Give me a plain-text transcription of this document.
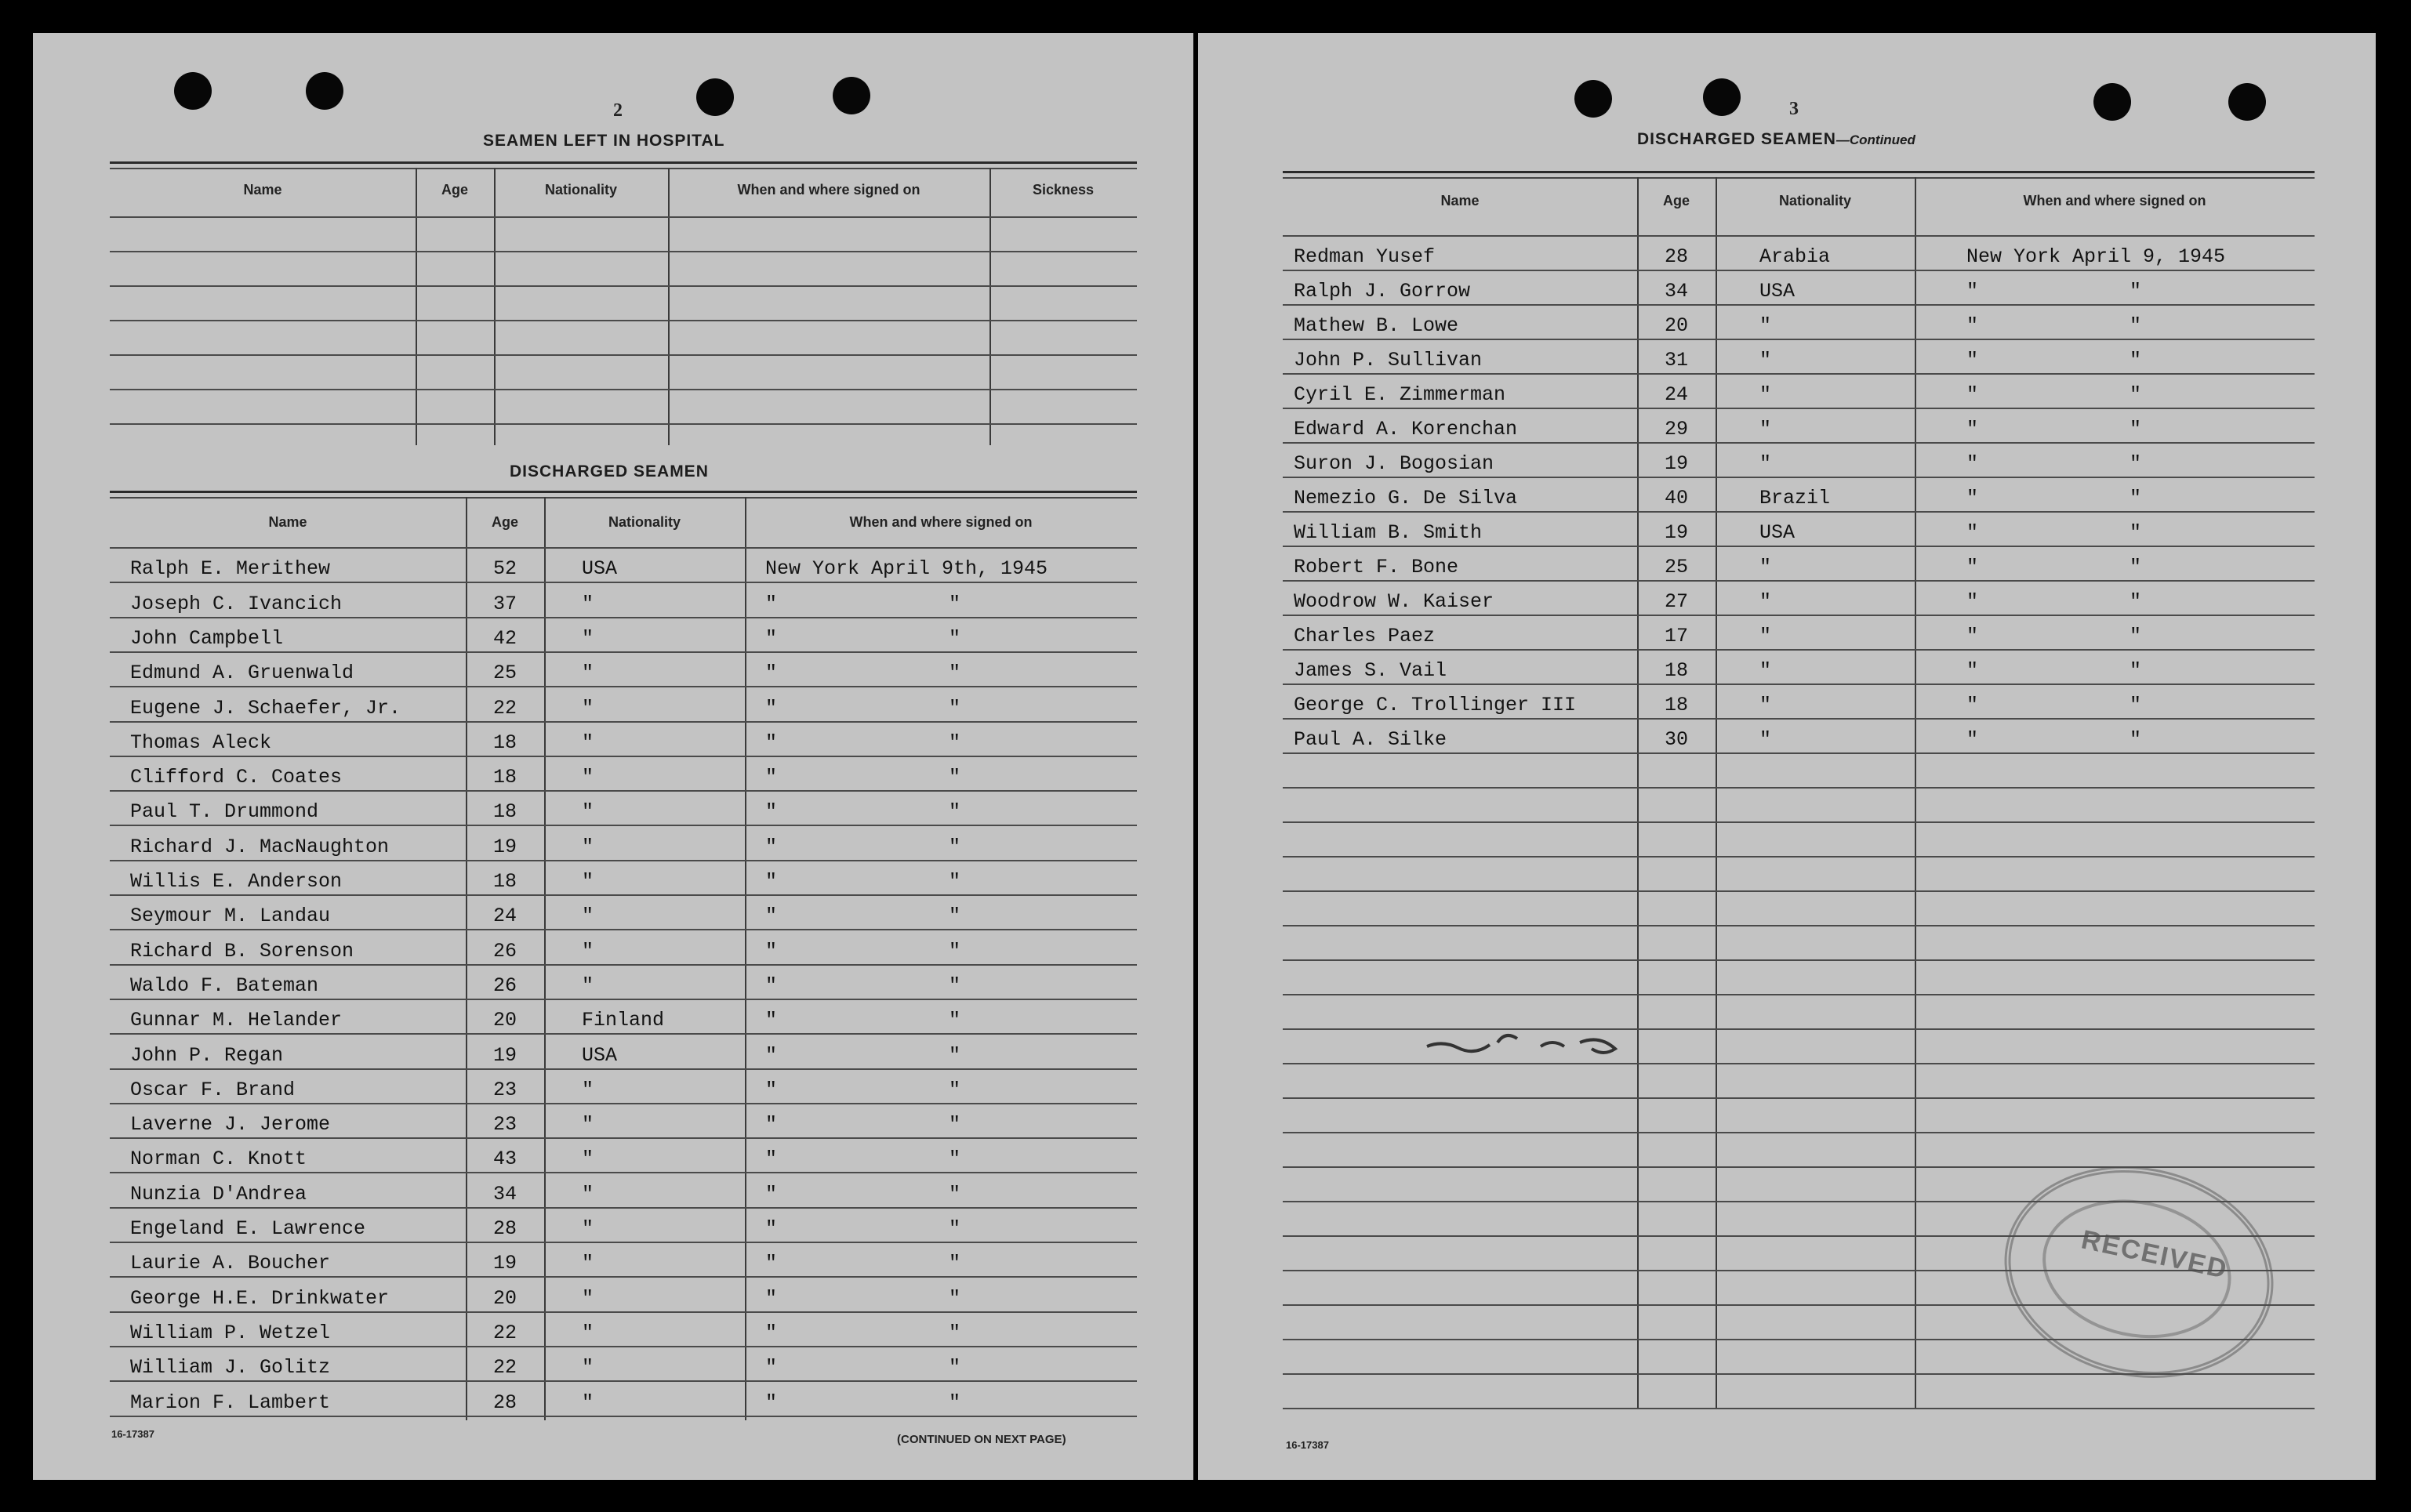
2
SEAMEN LEFT IN HOSPITAL
DISCHARGED SEAMEN
3
DISCHARGED SEAMEN—Continued
16-17387	(CONTINUED ON NEXT PAGE)	16-17387
RECEIVED
Name	Age	Nationality	When and where signed on	Sickness
Name	Age	Nationality	When and where signed on
Ralph E. Merithew	52	USA	New York April 9th, 1945
Joseph C. Ivancich	37	"	"	"
John Campbell	42	"	"	"
Edmund A. Gruenwald	25	"	"	"
Eugene J. Schaefer, Jr.	22	"	"	"
Thomas Aleck	18	"	"	"
Clifford C. Coates	18	"	"	"
Paul T. Drummond	18	"	"	"
Richard J. MacNaughton	19	"	"	"
Willis E. Anderson	18	"	"	"
Seymour M. Landau	24	"	"	"
Richard B. Sorenson	26	"	"	"
Waldo F. Bateman	26	"	"	"
Gunnar M. Helander	20	Finland	"	"
John P. Regan	19	USA	"	"
Oscar F. Brand	23	"	"	"
Laverne J. Jerome	23	"	"	"
Norman C. Knott	43	"	"	"
Nunzia D'Andrea	34	"	"	"
Engeland E. Lawrence	28	"	"	"
Laurie A. Boucher	19	"	"	"
George H.E. Drinkwater	20	"	"	"
William P. Wetzel	22	"	"	"
William J. Golitz	22	"	"	"
Marion F. Lambert	28	"	"	"
Name	Age	Nationality	When and where signed on
Redman Yusef	28	Arabia	New York April 9, 1945
Ralph J. Gorrow	34	USA	"	"
Mathew B. Lowe	20	"	"	"
John P. Sullivan	31	"	"	"
Cyril E. Zimmerman	24	"	"	"
Edward A. Korenchan	29	"	"	"
Suron J. Bogosian	19	"	"	"
Nemezio G. De Silva	40	Brazil	"	"
William B. Smith	19	USA	"	"
Robert F. Bone	25	"	"	"
Woodrow W. Kaiser	27	"	"	"
Charles Paez	17	"	"	"
James S. Vail	18	"	"	"
George C. Trollinger III	18	"	"	"
Paul A. Silke	30	"	"	"
